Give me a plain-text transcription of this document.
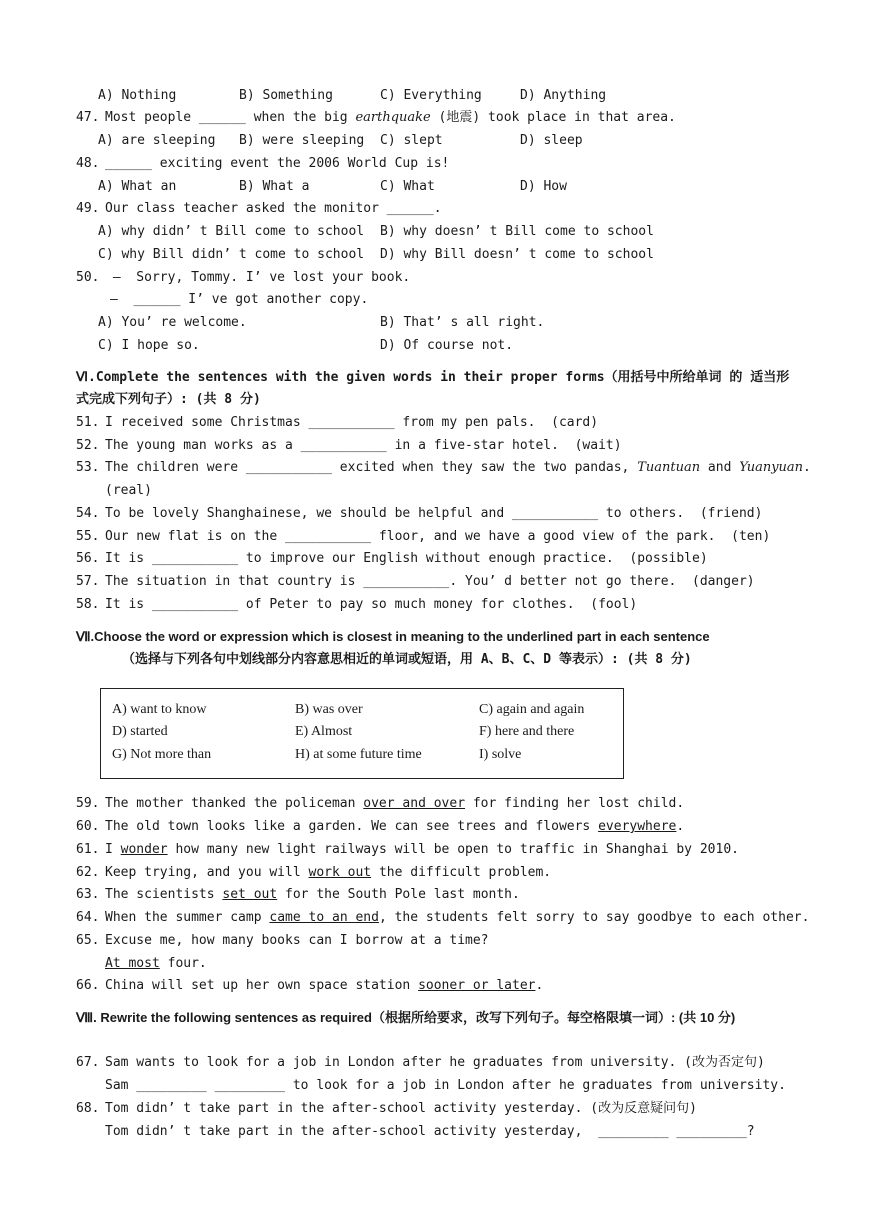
A) Nothing	B) Something	C) Everything	D) Anything
47. Most people ______ when the big earthquake (地震) took place in that area.
A) are sleeping B) were sleeping C) slept	D) sleep
48. ______ exciting event the 2006 World Cup is!
A) What an	B) What a	C) What	D) How
49. Our class teacher asked the monitor ______.
A) why didn’ t Bill come to school B) why doesn’ t Bill come to school
C) why Bill didn’ t come to school D) why Bill doesn’ t come to school
50. –  Sorry, Tommy. I’ ve lost your book.
–  ______ I’ ve got another copy.
A) You’ re welcome.	B) That’ s all right.
C) I hope so.	D) Of course not.
Ⅵ.Complete the sentences with the given words in their proper forms（用括号中所给单词 的 适当形式完成下列句子）: (共 8 分)
51. I received some Christmas ___________ from my pen pals.  (card)
52. The young man works as a ___________ in a five-star hotel.  (wait)
53. The children were ___________ excited when they saw the two pandas, Tuantuan and Yuanyuan.
(real)
54. To be lovely Shanghainese, we should be helpful and ___________ to others.  (friend)
55. Our new flat is on the ___________ floor, and we have a good view of the park.  (ten)
56. It is ___________ to improve our English without enough practice.  (possible)
57. The situation in that country is ___________. You’ d better not go there.  (danger)
58. It is ___________ of Peter to pay so much money for clothes.  (fool)
Ⅶ.Choose the word or expression which is closest in meaning to the underlined part in each sentence
（选择与下列各句中划线部分内容意思相近的单词或短语，用 A、B、C、D 等表示）: (共 8 分)
A) want to know	B) was over	C) again and again
D) started	E) Almost	F) here and there
G) Not more than	H) at some future time	I) solve
59. The mother thanked the policeman over and over for finding her lost child.
60. The old town looks like a garden. We can see trees and flowers everywhere.
61. I wonder how many new light railways will be open to traffic in Shanghai by 2010.
62. Keep trying, and you will work out the difficult problem.
63. The scientists set out for the South Pole last month.
64. When the summer camp came to an end, the students felt sorry to say goodbye to each other.
65. Excuse me, how many books can I borrow at a time?
At most four.
66. China will set up her own space station sooner or later.
Ⅷ. Rewrite the following sentences as required（根据所给要求，改写下列句子。每空格限填一词）: (共 10 分)
67. Sam wants to look for a job in London after he graduates from university. (改为否定句)
Sam _________ _________ to look for a job in London after he graduates from university.
68. Tom didn’ t take part in the after-school activity yesterday. (改为反意疑问句)
Tom didn’ t take part in the after-school activity yesterday,  _________ _________?
